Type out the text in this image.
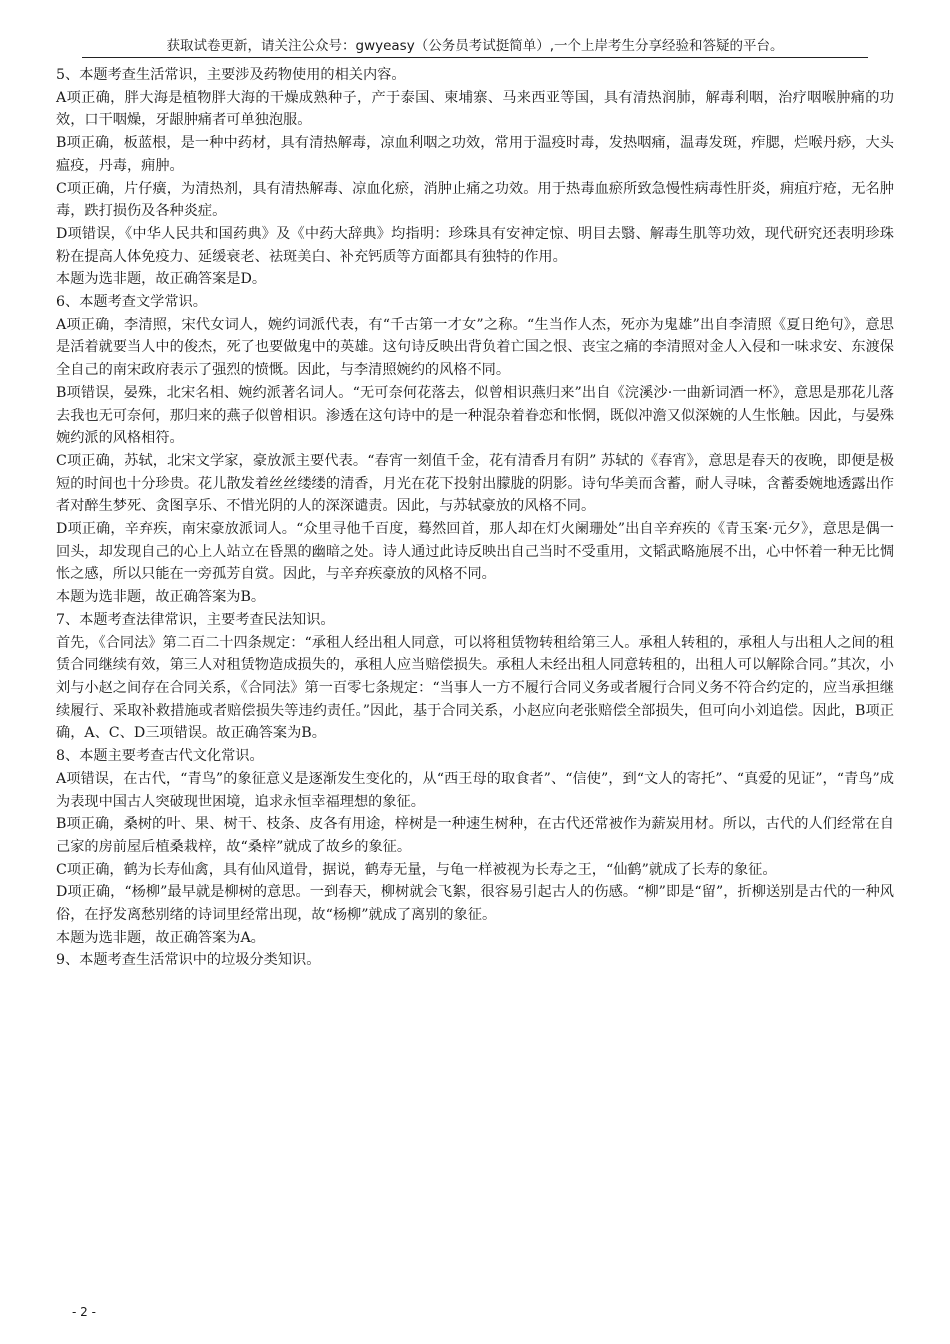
获取试卷更新，请关注公众号：gwyeasy（公务员考试挺简单）,一个上岸考生分享经验和答疑的平台。

5、本题考查生活常识，主要涉及药物使用的相关内容。

A项正确，胖大海是植物胖大海的干燥成熟种子，产于泰国、柬埔寨、马来西亚等国，具有清热润肺，解毒利咽，治疗咽喉肿痛的功效，口干咽燥，牙龈肿痛者可单独泡服。

B项正确，板蓝根，是一种中药材，具有清热解毒，凉血利咽之功效，常用于温疫时毒，发热咽痛，温毒发斑，痄腮，烂喉丹痧，大头瘟疫，丹毒，痈肿。

C项正确，片仔癀，为清热剂，具有清热解毒、凉血化瘀，消肿止痛之功效。用于热毒血瘀所致急慢性病毒性肝炎，痈疽疔疮，无名肿毒，跌打损伤及各种炎症。

D项错误，《中华人民共和国药典》及《中药大辞典》均指明：珍珠具有安神定惊、明目去翳、解毒生肌等功效，现代研究还表明珍珠粉在提高人体免疫力、延缓衰老、祛斑美白、补充钙质等方面都具有独特的作用。

本题为选非题，故正确答案是D。

6、本题考查文学常识。

A项正确，李清照，宋代女词人，婉约词派代表，有“千古第一才女”之称。“生当作人杰，死亦为鬼雄”出自李清照《夏日绝句》，意思是活着就要当人中的俊杰，死了也要做鬼中的英雄。这句诗反映出背负着亡国之恨、丧宝之痛的李清照对金人入侵和一味求安、东渡保全自己的南宋政府表示了强烈的愤慨。因此，与李清照婉约的风格不同。

B项错误，晏殊，北宋名相、婉约派著名词人。“无可奈何花落去，似曾相识燕归来”出自《浣溪沙·一曲新词酒一杯》，意思是那花儿落去我也无可奈何，那归来的燕子似曾相识。渗透在这句诗中的是一种混杂着眷恋和怅惘，既似冲澹又似深婉的人生怅触。因此，与晏殊婉约派的风格相符。

C项正确，苏轼，北宋文学家，豪放派主要代表。“春宵一刻值千金，花有清香月有阴” 苏轼的《春宵》，意思是春天的夜晚，即便是极短的时间也十分珍贵。花儿散发着丝丝缕缕的清香，月光在花下投射出朦胧的阴影。诗句华美而含蓄，耐人寻味，含蓄委婉地透露出作者对醉生梦死、贪图享乐、不惜光阴的人的深深谴责。因此，与苏轼豪放的风格不同。

D项正确，辛弃疾，南宋豪放派词人。“众里寻他千百度，蓦然回首，那人却在灯火阑珊处”出自辛弃疾的《青玉案·元夕》，意思是偶一回头，却发现自己的心上人站立在昏黑的幽暗之处。诗人通过此诗反映出自己当时不受重用，文韬武略施展不出，心中怀着一种无比惆怅之感，所以只能在一旁孤芳自赏。因此，与辛弃疾豪放的风格不同。

本题为选非题，故正确答案为B。

7、本题考查法律常识，主要考查民法知识。

首先，《合同法》第二百二十四条规定：“承租人经出租人同意，可以将租赁物转租给第三人。承租人转租的，承租人与出租人之间的租赁合同继续有效，第三人对租赁物造成损失的，承租人应当赔偿损失。承租人未经出租人同意转租的，出租人可以解除合同。”其次，小刘与小赵之间存在合同关系，《合同法》第一百零七条规定：“当事人一方不履行合同义务或者履行合同义务不符合约定的，应当承担继续履行、采取补救措施或者赔偿损失等违约责任。”因此，基于合同关系，小赵应向老张赔偿全部损失，但可向小刘追偿。因此，B项正确，A、C、D三项错误。故正确答案为B。

8、本题主要考查古代文化常识。

A项错误，在古代，“青鸟”的象征意义是逐渐发生变化的，从“西王母的取食者”、“信使”，到“文人的寄托”、“真爱的见证”，“青鸟”成为表现中国古人突破现世困境，追求永恒幸福理想的象征。

B项正确，桑树的叶、果、树干、枝条、皮各有用途，梓树是一种速生树种，在古代还常被作为薪炭用材。所以，古代的人们经常在自己家的房前屋后植桑栽梓，故“桑梓”就成了故乡的象征。

C项正确，鹤为长寿仙禽，具有仙风道骨，据说，鹤寿无量，与龟一样被视为长寿之王，“仙鹤”就成了长寿的象征。

D项正确，“杨柳”最早就是柳树的意思。一到春天，柳树就会飞絮，很容易引起古人的伤感。“柳”即是“留”，折柳送别是古代的一种风俗，在抒发离愁别绪的诗词里经常出现，故“杨柳”就成了离别的象征。

本题为选非题，故正确答案为A。

9、本题考查生活常识中的垃圾分类知识。

- 2 -
